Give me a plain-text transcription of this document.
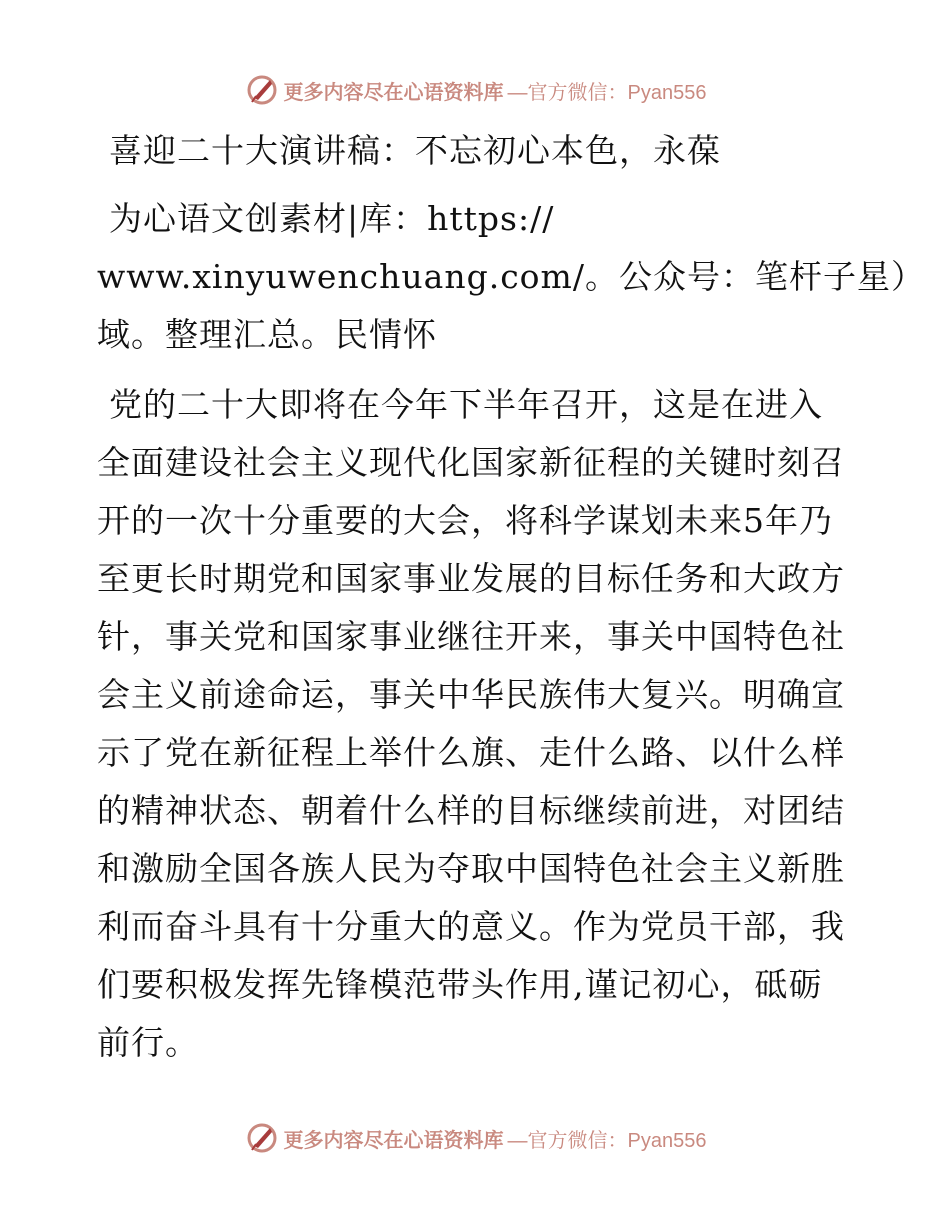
更多内容尽在心语资料库 —官方微信：Pyan556

喜迎二十大演讲稿：不忘初心本色，永葆

为心语文创素材|库：https://

www.xinyuwenchuang.com/。公众号：笔杆子星）

域。整理汇总。民情怀

党的二十大即将在今年下半年召开，这是在进入

全面建设社会主义现代化国家新征程的关键时刻召

开的一次十分重要的大会，将科学谋划未来5年乃

至更长时期党和国家事业发展的目标任务和大政方

针，事关党和国家事业继往开来，事关中国特色社

会主义前途命运，事关中华民族伟大复兴。明确宣

示了党在新征程上举什么旗、走什么路、以什么样

的精神状态、朝着什么样的目标继续前进，对团结

和激励全国各族人民为夺取中国特色社会主义新胜

利而奋斗具有十分重大的意义。作为党员干部，我

们要积极发挥先锋模范带头作用,谨记初心，砥砺

前行。

更多内容尽在心语资料库 —官方微信：Pyan556
